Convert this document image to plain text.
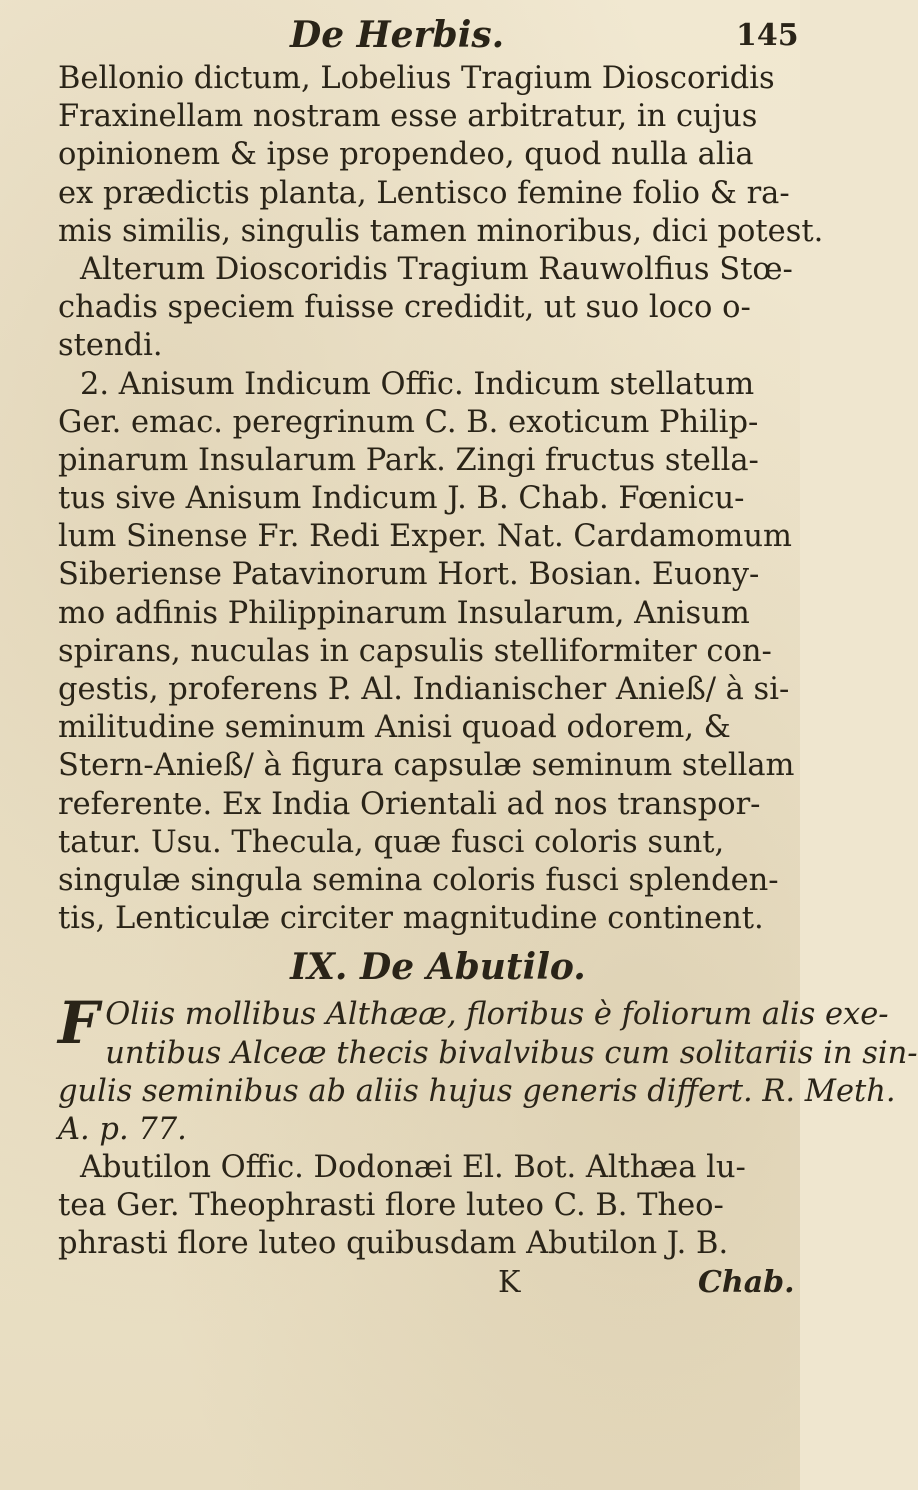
De Herbis.	145
Bellonio dictum, Lobelius Tragium Dioscoridis
Fraxinellam nostram esse arbitratur, in cujus
opinionem & ipse propendeo, quod nulla alia
ex prædictis planta, Lentisco femine folio & ra-
mis similis, singulis tamen minoribus, dici potest.
Alterum Dioscoridis Tragium Rauwolfius Stœ-
chadis speciem fuisse credidit, ut suo loco o-
stendi.
2. Anisum Indicum Offic. Indicum stellatum
Ger. emac. peregrinum C. B. exoticum Philip-
pinarum Insularum Park. Zingi fructus stella-
tus sive Anisum Indicum J. B. Chab. Fœnicu-
lum Sinense Fr. Redi Exper. Nat. Cardamomum
Siberiense Patavinorum Hort. Bosian. Euony-
mo adfinis Philippinarum Insularum, Anisum
spirans, nuculas in capsulis stelliformiter con-
gestis, proferens P. Al. Indianischer Anieß/ à si-
militudine seminum Anisi quoad odorem, &
Stern-Anieß/ à figura capsulæ seminum stellam
referente. Ex India Orientali ad nos transpor-
tatur. Usu. Thecula, quæ fusci coloris sunt,
singulæ singula semina coloris fusci splenden-
tis, Lenticulæ circiter magnitudine continent.
IX. De Abutilo.
F Oliis mollibus Althææ, floribus è foliorum alis exe-
untibus Alceæ thecis bivalvibus cum solitariis in sin-
gulis seminibus ab aliis hujus generis differt. R. Meth.
A. p. 77.
Abutilon Offic. Dodonæi El. Bot. Althæa lu-
tea Ger. Theophrasti flore luteo C. B. Theo-
phrasti flore luteo quibusdam Abutilon J. B.
K	Chab.
